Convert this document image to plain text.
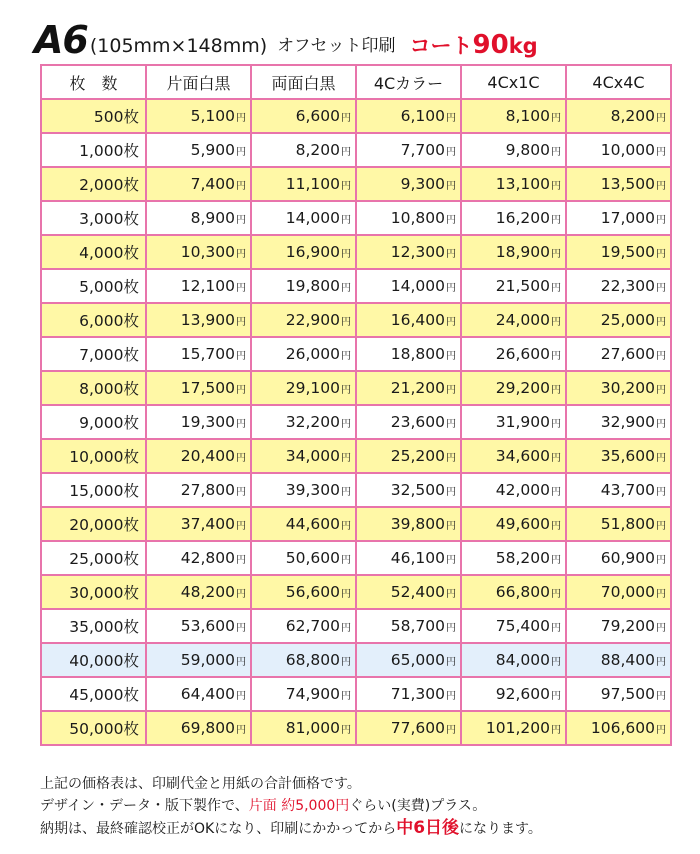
A6 (105mm×148mm) オフセット印刷 コート90kg
枚　数	片面白黒	両面白黒	4Cカラー	4Cx1C	4Cx4C
500枚	5,100円	6,600円	6,100円	8,100円	8,200円
1,000枚	5,900円	8,200円	7,700円	9,800円	10,000円
2,000枚	7,400円	11,100円	9,300円	13,100円	13,500円
3,000枚	8,900円	14,000円	10,800円	16,200円	17,000円
4,000枚	10,300円	16,900円	12,300円	18,900円	19,500円
5,000枚	12,100円	19,800円	14,000円	21,500円	22,300円
6,000枚	13,900円	22,900円	16,400円	24,000円	25,000円
7,000枚	15,700円	26,000円	18,800円	26,600円	27,600円
8,000枚	17,500円	29,100円	21,200円	29,200円	30,200円
9,000枚	19,300円	32,200円	23,600円	31,900円	32,900円
10,000枚	20,400円	34,000円	25,200円	34,600円	35,600円
15,000枚	27,800円	39,300円	32,500円	42,000円	43,700円
20,000枚	37,400円	44,600円	39,800円	49,600円	51,800円
25,000枚	42,800円	50,600円	46,100円	58,200円	60,900円
30,000枚	48,200円	56,600円	52,400円	66,800円	70,000円
35,000枚	53,600円	62,700円	58,700円	75,400円	79,200円
40,000枚	59,000円	68,800円	65,000円	84,000円	88,400円
45,000枚	64,400円	74,900円	71,300円	92,600円	97,500円
50,000枚	69,800円	81,000円	77,600円	101,200円	106,600円
上記の価格表は、印刷代金と用紙の合計価格です。
デザイン・データ・版下製作で、片面 約5,000円ぐらい(実費)プラス。
納期は、最終確認校正がOKになり、印刷にかかってから中6日後になります。
